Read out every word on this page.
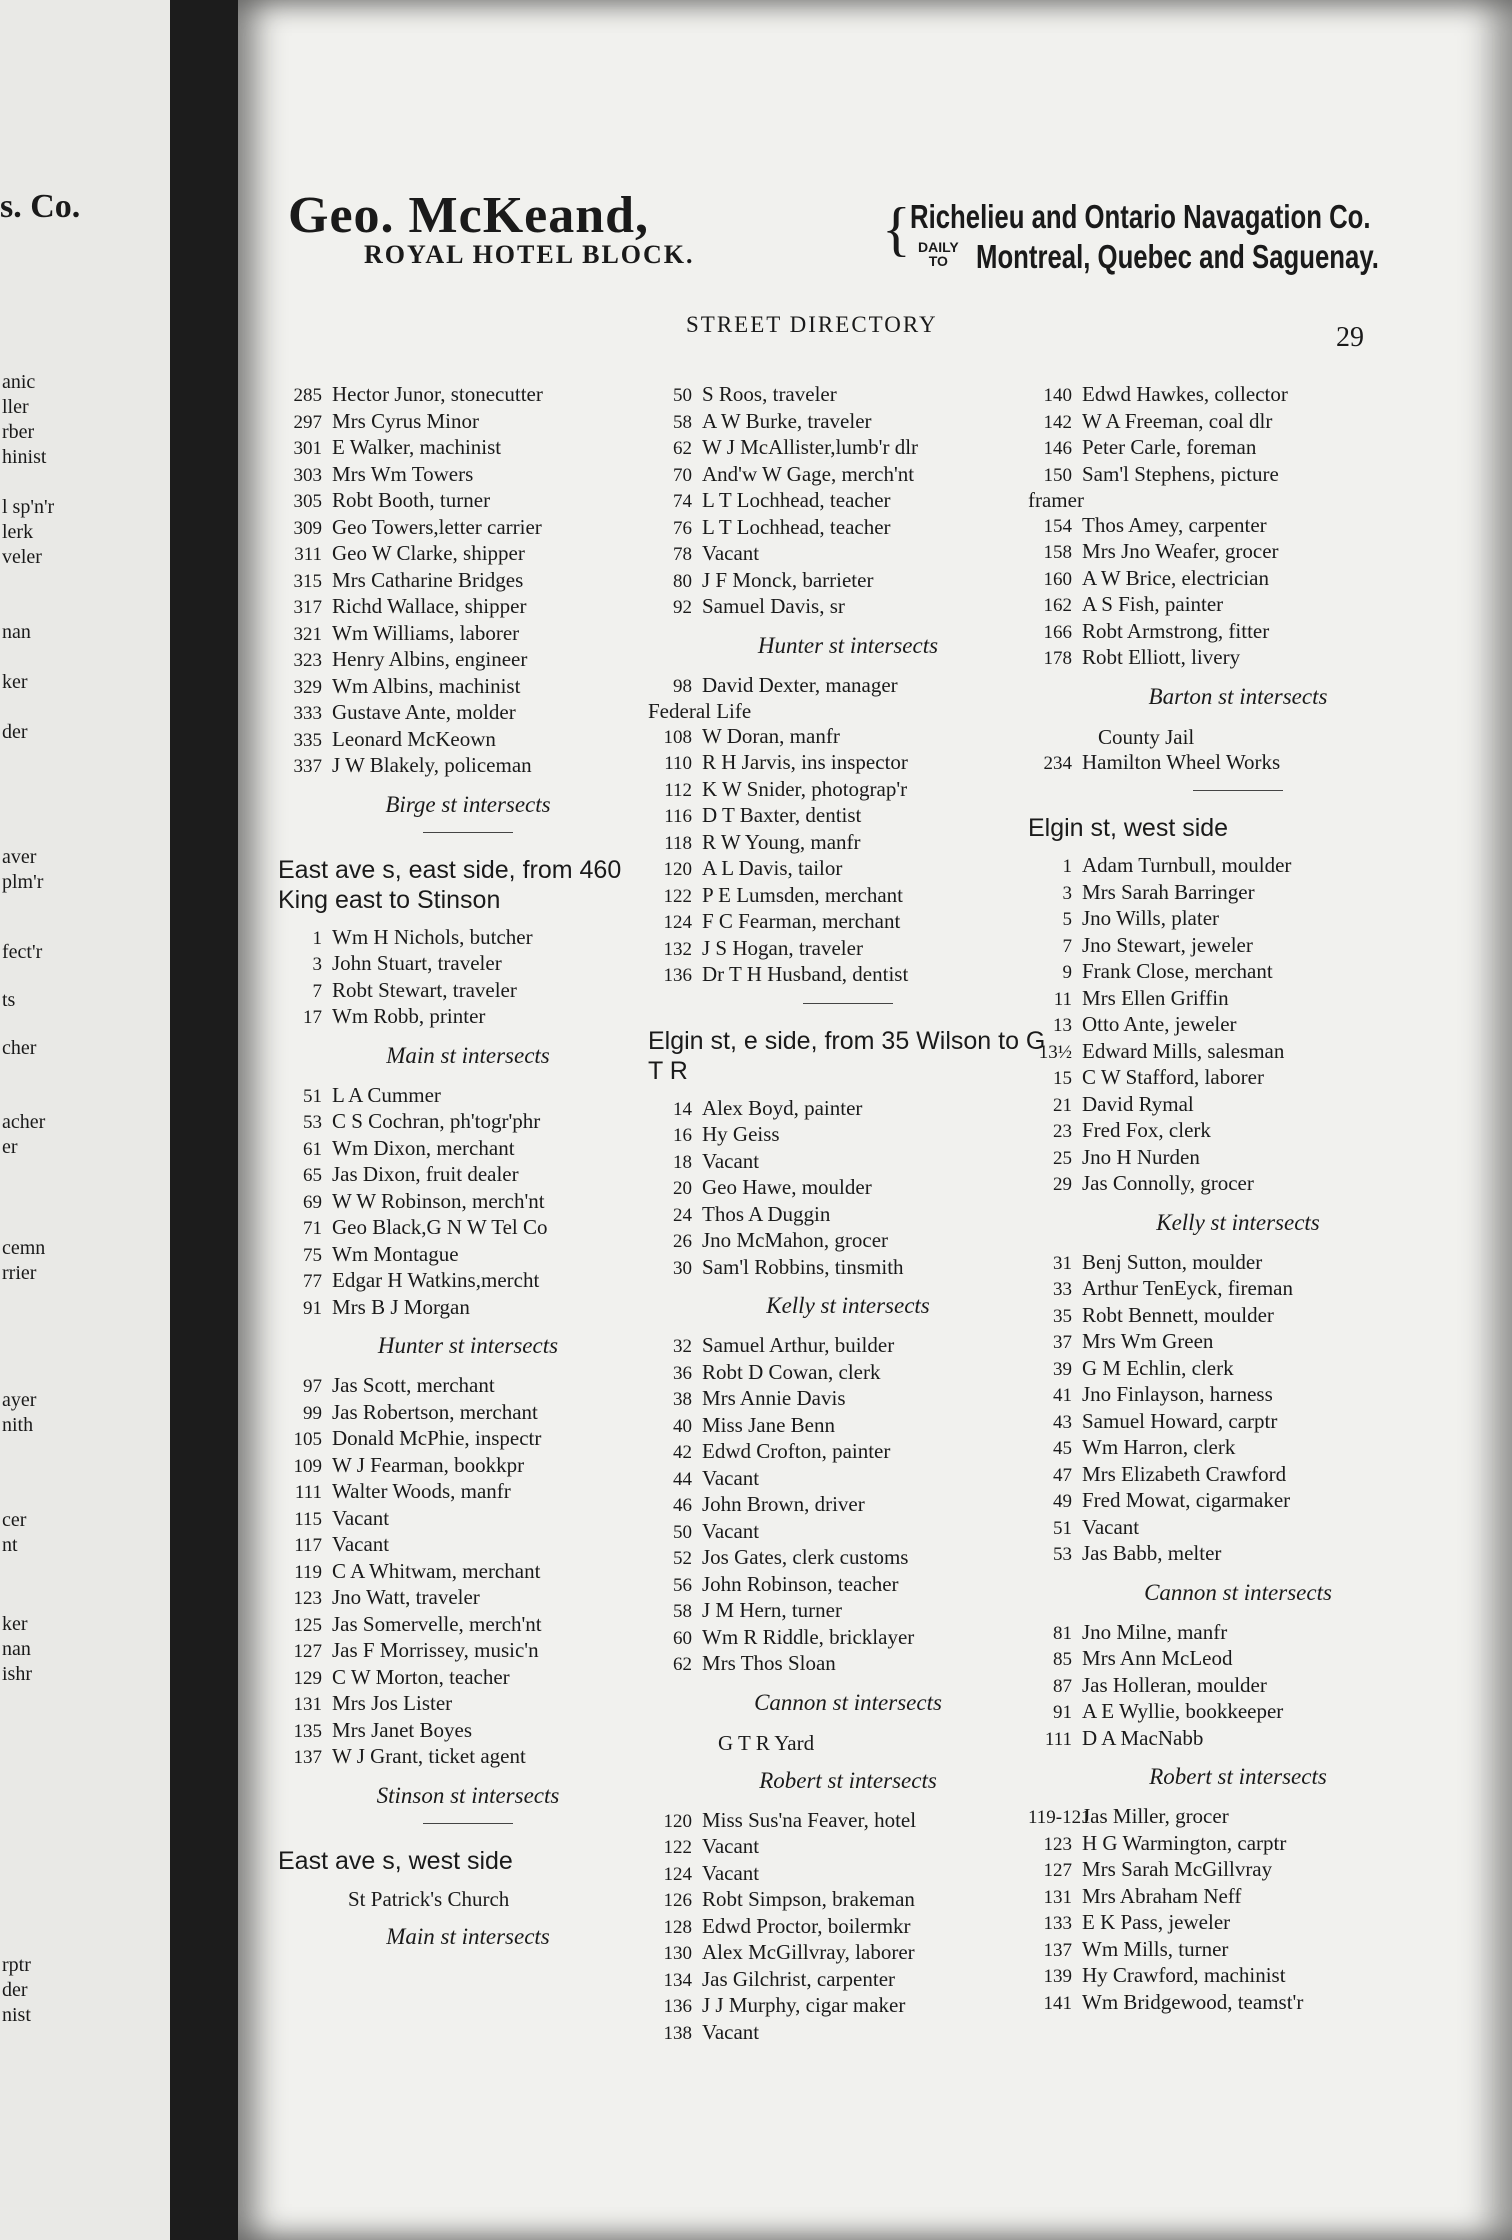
s. Co.
anic
ller
rber
hinist
l sp'n'r
lerk
veler
nan
ker
der
aver
plm'r
fect'r
ts
cher
acher
er
cemn
rrier
ayer
nith
cer
nt
ker
nan
ishr
rptr
der
nist
Geo. McKeand,
ROYAL HOTEL BLOCK.	{ Richelieu and Ontario Navagation Co.
DAILY
TO Montreal, Quebec and Saguenay.
STREET DIRECTORY	29
285 Hector Junor, stonecutter
297 Mrs Cyrus Minor
301 E Walker, machinist
303 Mrs Wm Towers
305 Robt Booth, turner
309 Geo Towers,letter carrier
311 Geo W Clarke, shipper
315 Mrs Catharine Bridges
317 Richd Wallace, shipper
321 Wm Williams, laborer
323 Henry Albins, engineer
329 Wm Albins, machinist
333 Gustave Ante, molder
335 Leonard McKeown
337 J W Blakely, policeman
Birge st intersects
East ave s, east side, from 460 King east to Stinson
1 Wm H Nichols, butcher
3 John Stuart, traveler
7 Robt Stewart, traveler
17 Wm Robb, printer
Main st intersects
51 L A Cummer
53 C S Cochran, ph'togr'phr
61 Wm Dixon, merchant
65 Jas Dixon, fruit dealer
69 W W Robinson, merch'nt
71 Geo Black,G N W Tel Co
75 Wm Montague
77 Edgar H Watkins,mercht
91 Mrs B J Morgan
Hunter st intersects
97 Jas Scott, merchant
99 Jas Robertson, merchant
105 Donald McPhie, inspectr
109 W J Fearman, bookkpr
111 Walter Woods, manfr
115 Vacant
117 Vacant
119 C A Whitwam, merchant
123 Jno Watt, traveler
125 Jas Somervelle, merch'nt
127 Jas F Morrissey, music'n
129 C W Morton, teacher
131 Mrs Jos Lister
135 Mrs Janet Boyes
137 W J Grant, ticket agent
Stinson st intersects
East ave s, west side
St Patrick's Church
Main st intersects
50 S Roos, traveler
58 A W Burke, traveler
62 W J McAllister,lumb'r dlr
70 And'w W Gage, merch'nt
74 L T Lochhead, teacher
76 L T Lochhead, teacher
78 Vacant
80 J F Monck, barrieter
92 Samuel Davis, sr
Hunter st intersects
98 David Dexter, manager
Federal Life
108 W Doran, manfr
110 R H Jarvis, ins inspector
112 K W Snider, photograp'r
116 D T Baxter, dentist
118 R W Young, manfr
120 A L Davis, tailor
122 P E Lumsden, merchant
124 F C Fearman, merchant
132 J S Hogan, traveler
136 Dr T H Husband, dentist
Elgin st, e side, from 35 Wilson to G T R
14 Alex Boyd, painter
16 Hy Geiss
18 Vacant
20 Geo Hawe, moulder
24 Thos A Duggin
26 Jno McMahon, grocer
30 Sam'l Robbins, tinsmith
Kelly st intersects
32 Samuel Arthur, builder
36 Robt D Cowan, clerk
38 Mrs Annie Davis
40 Miss Jane Benn
42 Edwd Crofton, painter
44 Vacant
46 John Brown, driver
50 Vacant
52 Jos Gates, clerk customs
56 John Robinson, teacher
58 J M Hern, turner
60 Wm R Riddle, bricklayer
62 Mrs Thos Sloan
Cannon st intersects
G T R Yard
Robert st intersects
120 Miss Sus'na Feaver, hotel
122 Vacant
124 Vacant
126 Robt Simpson, brakeman
128 Edwd Proctor, boilermkr
130 Alex McGillvray, laborer
134 Jas Gilchrist, carpenter
136 J J Murphy, cigar maker
138 Vacant
140 Edwd Hawkes, collector
142 W A Freeman, coal dlr
146 Peter Carle, foreman
150 Sam'l Stephens, picture
framer
154 Thos Amey, carpenter
158 Mrs Jno Weafer, grocer
160 A W Brice, electrician
162 A S Fish, painter
166 Robt Armstrong, fitter
178 Robt Elliott, livery
Barton st intersects
County Jail
234 Hamilton Wheel Works
Elgin st, west side
1 Adam Turnbull, moulder
3 Mrs Sarah Barringer
5 Jno Wills, plater
7 Jno Stewart, jeweler
9 Frank Close, merchant
11 Mrs Ellen Griffin
13 Otto Ante, jeweler
13½ Edward Mills, salesman
15 C W Stafford, laborer
21 David Rymal
23 Fred Fox, clerk
25 Jno H Nurden
29 Jas Connolly, grocer
Kelly st intersects
31 Benj Sutton, moulder
33 Arthur TenEyck, fireman
35 Robt Bennett, moulder
37 Mrs Wm Green
39 G M Echlin, clerk
41 Jno Finlayson, harness
43 Samuel Howard, carptr
45 Wm Harron, clerk
47 Mrs Elizabeth Crawford
49 Fred Mowat, cigarmaker
51 Vacant
53 Jas Babb, melter
Cannon st intersects
81 Jno Milne, manfr
85 Mrs Ann McLeod
87 Jas Holleran, moulder
91 A E Wyllie, bookkeeper
111 D A MacNabb
Robert st intersects
119-121Jas Miller, grocer
123 H G Warmington, carptr
127 Mrs Sarah McGillvray
131 Mrs Abraham Neff
133 E K Pass, jeweler
137 Wm Mills, turner
139 Hy Crawford, machinist
141 Wm Bridgewood, teamst'r
